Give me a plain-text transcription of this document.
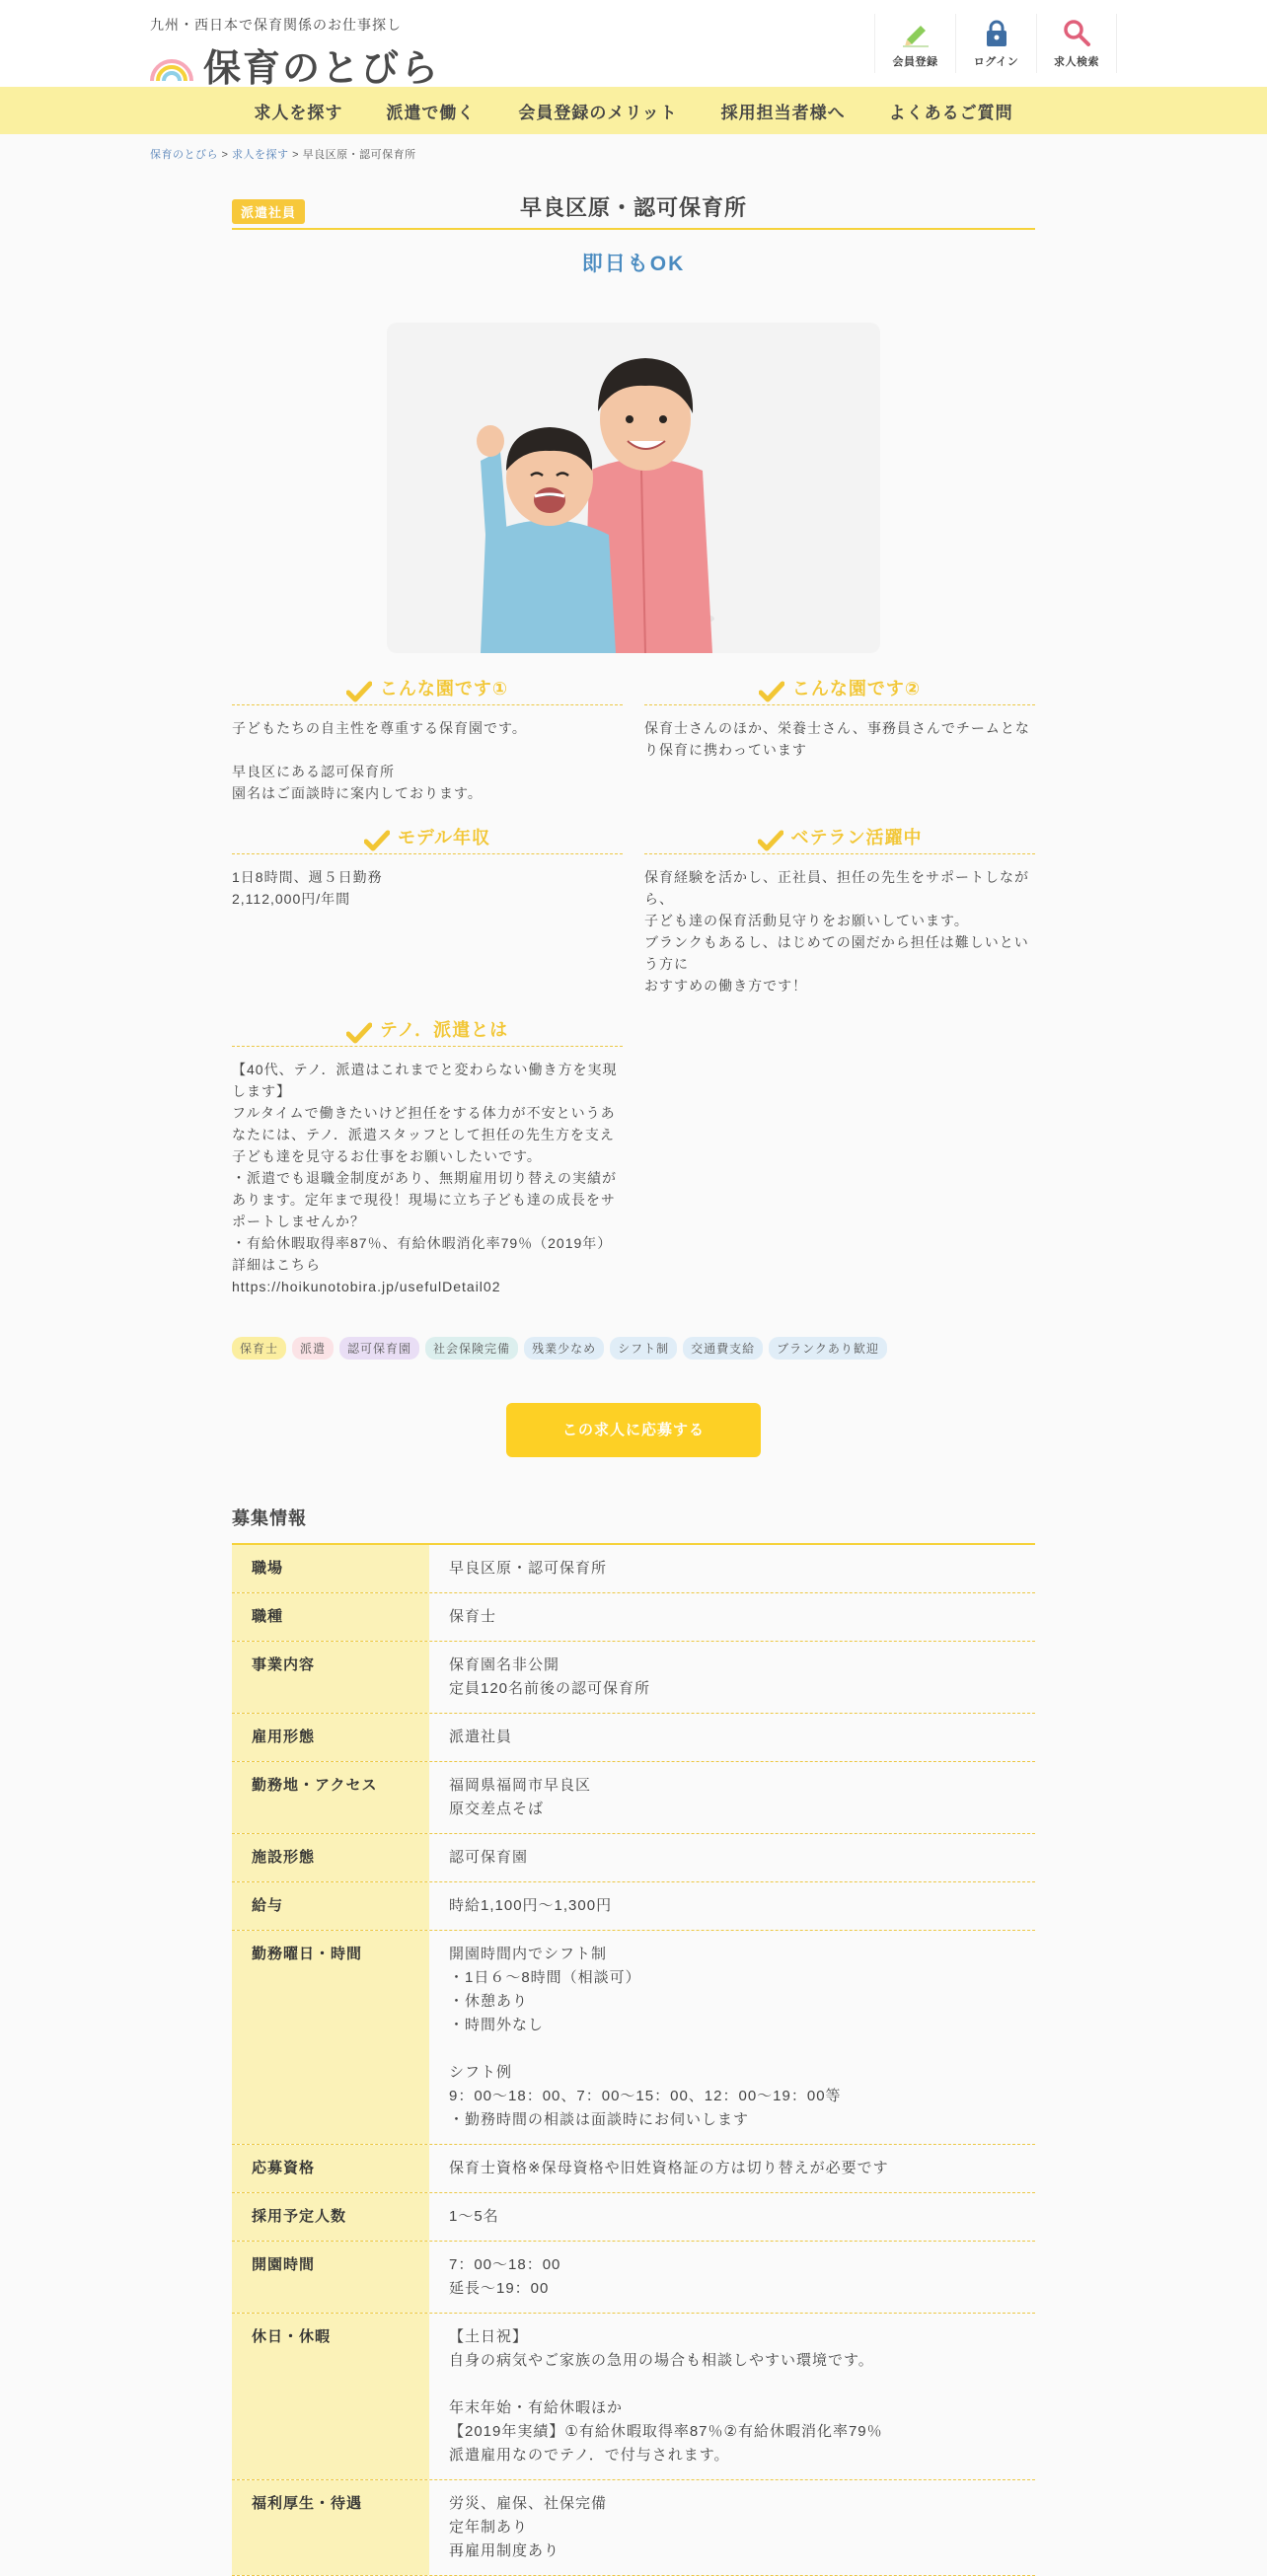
九州・西日本で保育関係のお仕事探し
保育のとびら	会員登録	ログイン	求人検索
求人を探す	派遣で働く	会員登録のメリット	採用担当者様へ	よくあるご質問
保育のとびら > 求人を探す > 早良区原・認可保育所
派遣社員	早良区原・認可保育所
即日もOK
こんな園です①
子どもたちの自主性を尊重する保育園です。

早良区にある認可保育所
園名はご面談時に案内しております。
こんな園です②
保育士さんのほか、栄養士さん、事務員さんでチームとなり保育に携わっています
モデル年収
1日8時間、週５日勤務
2,112,000円/年間
ベテラン活躍中
保育経験を活かし、正社員、担任の先生をサポートしながら、
子ども達の保育活動見守りをお願いしています。
ブランクもあるし、はじめての園だから担任は難しいという方に
おすすめの働き方です！
テノ．派遣とは
【40代、テノ．派遣はこれまでと変わらない働き方を実現します】
フルタイムで働きたいけど担任をする体力が不安というあなたには、テノ．派遣スタッフとして担任の先生方を支え子ども達を見守るお仕事をお願いしたいです。
・派遣でも退職金制度があり、無期雇用切り替えの実績があります。定年まで現役！現場に立ち子ども達の成長をサポートしませんか？
・有給休暇取得率87％、有給休暇消化率79％（2019年）
詳細はこちら
https://hoikunotobira.jp/usefulDetail02
保育士	派遣	認可保育園	社会保険完備	残業少なめ	シフト制	交通費支給	ブランクあり歓迎
この求人に応募する
募集情報
職場	早良区原・認可保育所
職種	保育士
事業内容	保育園名非公開
定員120名前後の認可保育所
雇用形態	派遣社員
勤務地・アクセス	福岡県福岡市早良区
原交差点そば
施設形態	認可保育園
給与	時給1,100円～1,300円
勤務曜日・時間	開園時間内でシフト制
・1日６～8時間（相談可）
・休憩あり
・時間外なし

シフト例
9：00～18：00、7：00～15：00、12：00～19：00等
・勤務時間の相談は面談時にお伺いします
応募資格	保育士資格※保母資格や旧姓資格証の方は切り替えが必要です
採用予定人数	1～5名
開園時間	7：00～18：00
延長～19：00
休日・休暇	【土日祝】
自身の病気やご家族の急用の場合も相談しやすい環境です。

年末年始・有給休暇ほか
【2019年実績】①有給休暇取得率87％②有給休暇消化率79％
派遣雇用なのでテノ．で付与されます。
福利厚生・待遇	労災、雇保、社保完備
定年制あり
再雇用制度あり
